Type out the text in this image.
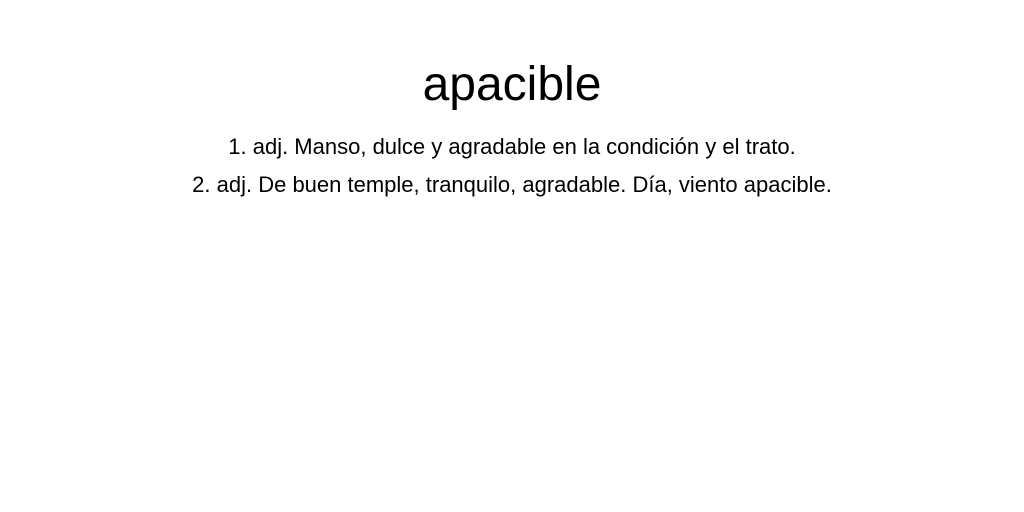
apacible
1. adj. Manso, dulce y agradable en la condición y el trato.
2. adj. De buen temple, tranquilo, agradable. Día, viento apacible.
